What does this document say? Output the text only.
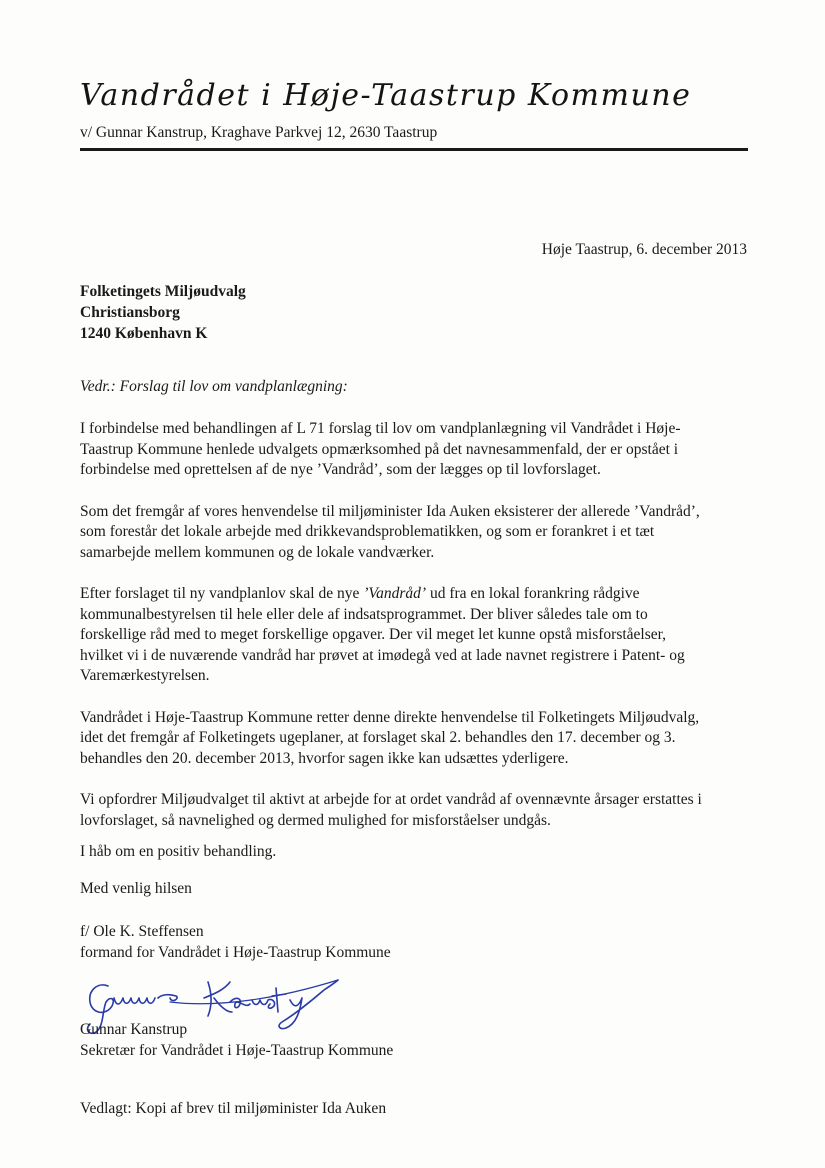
Vandrådet i Høje-Taastrup Kommune
v/ Gunnar Kanstrup, Kraghave Parkvej 12, 2630 Taastrup
Høje Taastrup, 6. december 2013
Folketingets Miljøudvalg
Christiansborg
1240 København K
Vedr.: Forslag til lov om vandplanlægning:

I forbindelse med behandlingen af L 71 forslag til lov om vandplanlægning vil Vandrådet i Høje-
Taastrup Kommune henlede udvalgets opmærksomhed på det navnesammenfald, der er opstået i
forbindelse med oprettelsen af de nye ’Vandråd’, som der lægges op til lovforslaget.

Som det fremgår af vores henvendelse til miljøminister Ida Auken eksisterer der allerede ’Vandråd’,
som forestår det lokale arbejde med drikkevandsproblematikken, og som er forankret i et tæt
samarbejde mellem kommunen og de lokale vandværker.

Efter forslaget til ny vandplanlov skal de nye ’Vandråd’ ud fra en lokal forankring rådgive
kommunalbestyrelsen til hele eller dele af indsatsprogrammet. Der bliver således tale om to
forskellige råd med to meget forskellige opgaver. Der vil meget let kunne opstå misforståelser,
hvilket vi i de nuværende vandråd har prøvet at imødegå ved at lade navnet registrere i Patent- og
Varemærkestyrelsen.

Vandrådet i Høje-Taastrup Kommune retter denne direkte henvendelse til Folketingets Miljøudvalg,
idet det fremgår af Folketingets ugeplaner, at forslaget skal 2. behandles den 17. december og 3.
behandles den 20. december 2013, hvorfor sagen ikke kan udsættes yderligere.

Vi opfordrer Miljøudvalget til aktivt at arbejde for at ordet vandråd af ovennævnte årsager erstattes i
lovforslaget, så navnelighed og dermed mulighed for misforståelser undgås.

I håb om en positiv behandling.
Med venlig hilsen
f/ Ole K. Steffensen
formand for Vandrådet i Høje-Taastrup Kommune
Gunnar Kanstrup
Sekretær for Vandrådet i Høje-Taastrup Kommune
Vedlagt: Kopi af brev til miljøminister Ida Auken
